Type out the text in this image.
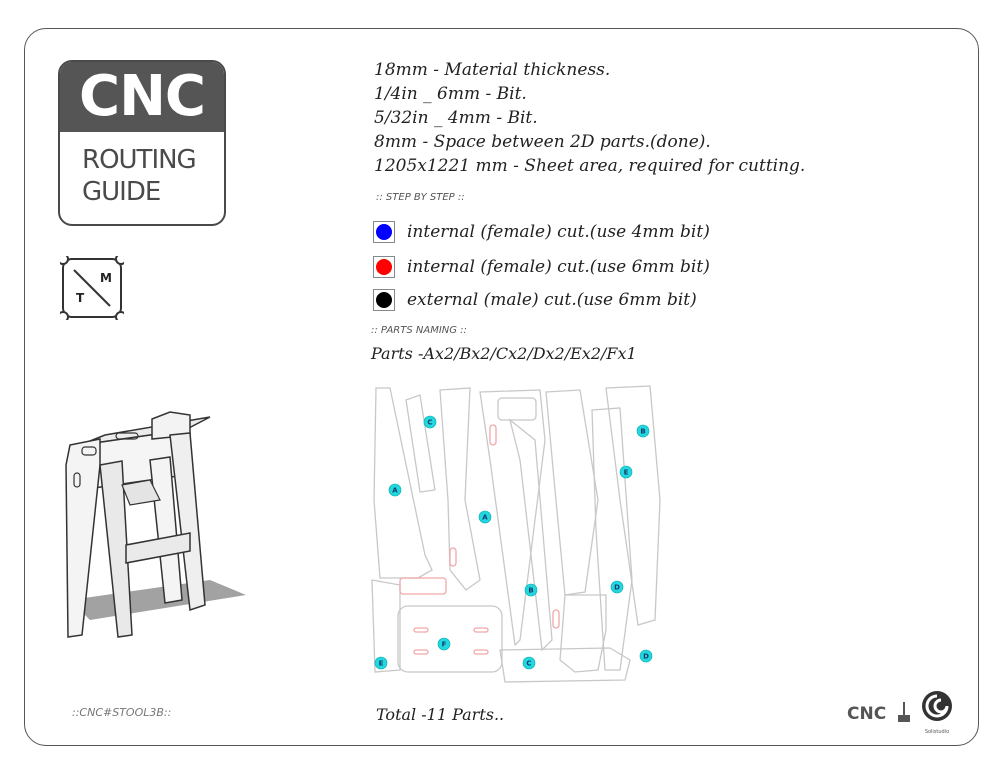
CNC
ROUTING
GUIDE
M
T
18mm - Material thickness.
1/4in _ 6mm - Bit.
5/32in _ 4mm - Bit.
8mm - Space between 2D parts.(done).
1205x1221 mm - Sheet area, required for cutting.
:: STEP BY STEP ::
internal (female) cut.(use 4mm bit)
internal (female) cut.(use 6mm bit)
external (male) cut.(use 6mm bit)
:: PARTS NAMING ::
Parts -Ax2/Bx2/Cx2/Dx2/Ex2/Fx1
C
B
E
A
A
B	D
F
E	C
D
::CNC#STOOL3B::	Total -11 Parts..	CNC
Solistudio
